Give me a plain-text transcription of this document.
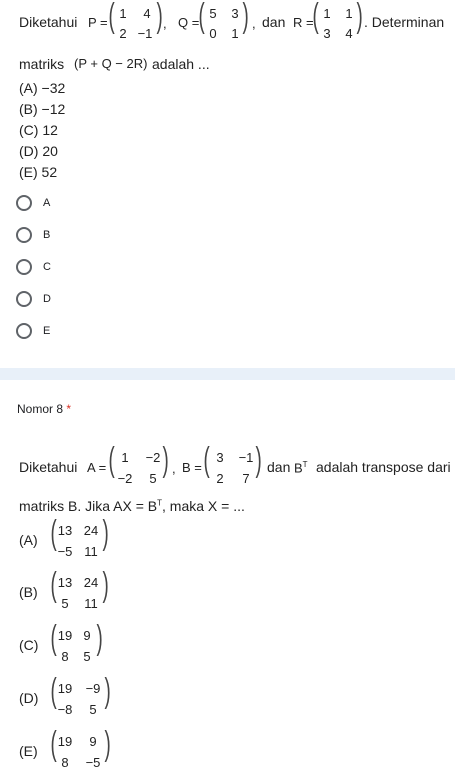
Diketahui P = ( 1	4
2 −1 ) , Q = ( 5	3
0	1 ) , dan R =
( 1	1
3	4 ) . Determinan
matriks (P + Q − 2R) adalah ...
(A) −32
(B) −12
(C) 12
(D) 20
(E) 52
A
B
C
D
E
Nomor 8 *
Diketahui A = ( 1	−2
−2	5 ) , B = ( 3	−1
2	7 ) dan $B^T$ adalah transpose dari
matriks B. Jika AX = $B^T$, maka X = ...
(A) ( 13 24
−5 11 )
(B) ( 13 24
5	11 )
(C) ( 19 9
8	5 )
(D) ( 19 −9
−8	5 )
(E) ( 19	9
8	−5 )
